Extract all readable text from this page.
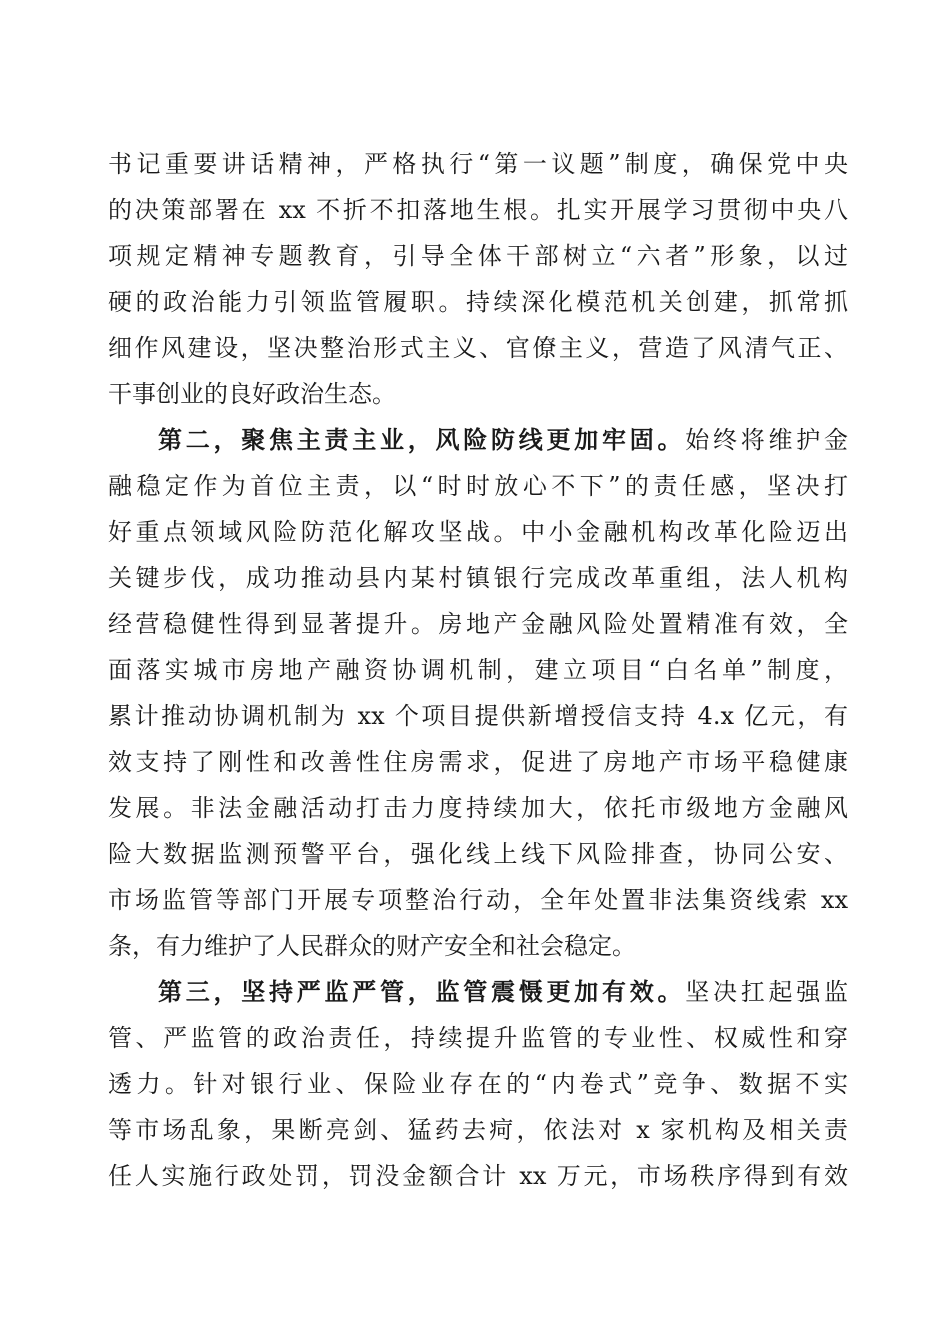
书记重要讲话精神，严格执行“第一议题”制度，确保党中央
的决策部署在 xx 不折不扣落地生根。扎实开展学习贯彻中央八
项规定精神专题教育，引导全体干部树立“六者”形象，以过
硬的政治能力引领监管履职。持续深化模范机关创建，抓常抓
细作风建设，坚决整治形式主义、官僚主义，营造了风清气正、
干事创业的良好政治生态。
第二，聚焦主责主业，风险防线更加牢固。始终将维护金
融稳定作为首位主责，以“时时放心不下”的责任感，坚决打
好重点领域风险防范化解攻坚战。中小金融机构改革化险迈出
关键步伐，成功推动县内某村镇银行完成改革重组，法人机构
经营稳健性得到显著提升。房地产金融风险处置精准有效，全
面落实城市房地产融资协调机制，建立项目“白名单”制度，
累计推动协调机制为 xx 个项目提供新增授信支持 4.x 亿元，有
效支持了刚性和改善性住房需求，促进了房地产市场平稳健康
发展。非法金融活动打击力度持续加大，依托市级地方金融风
险大数据监测预警平台，强化线上线下风险排查，协同公安、
市场监管等部门开展专项整治行动，全年处置非法集资线索 xx
条，有力维护了人民群众的财产安全和社会稳定。
第三，坚持严监严管，监管震慑更加有效。坚决扛起强监
管、严监管的政治责任，持续提升监管的专业性、权威性和穿
透力。针对银行业、保险业存在的“内卷式”竞争、数据不实
等市场乱象，果断亮剑、猛药去疴，依法对 x 家机构及相关责
任人实施行政处罚，罚没金额合计 xx 万元，市场秩序得到有效
